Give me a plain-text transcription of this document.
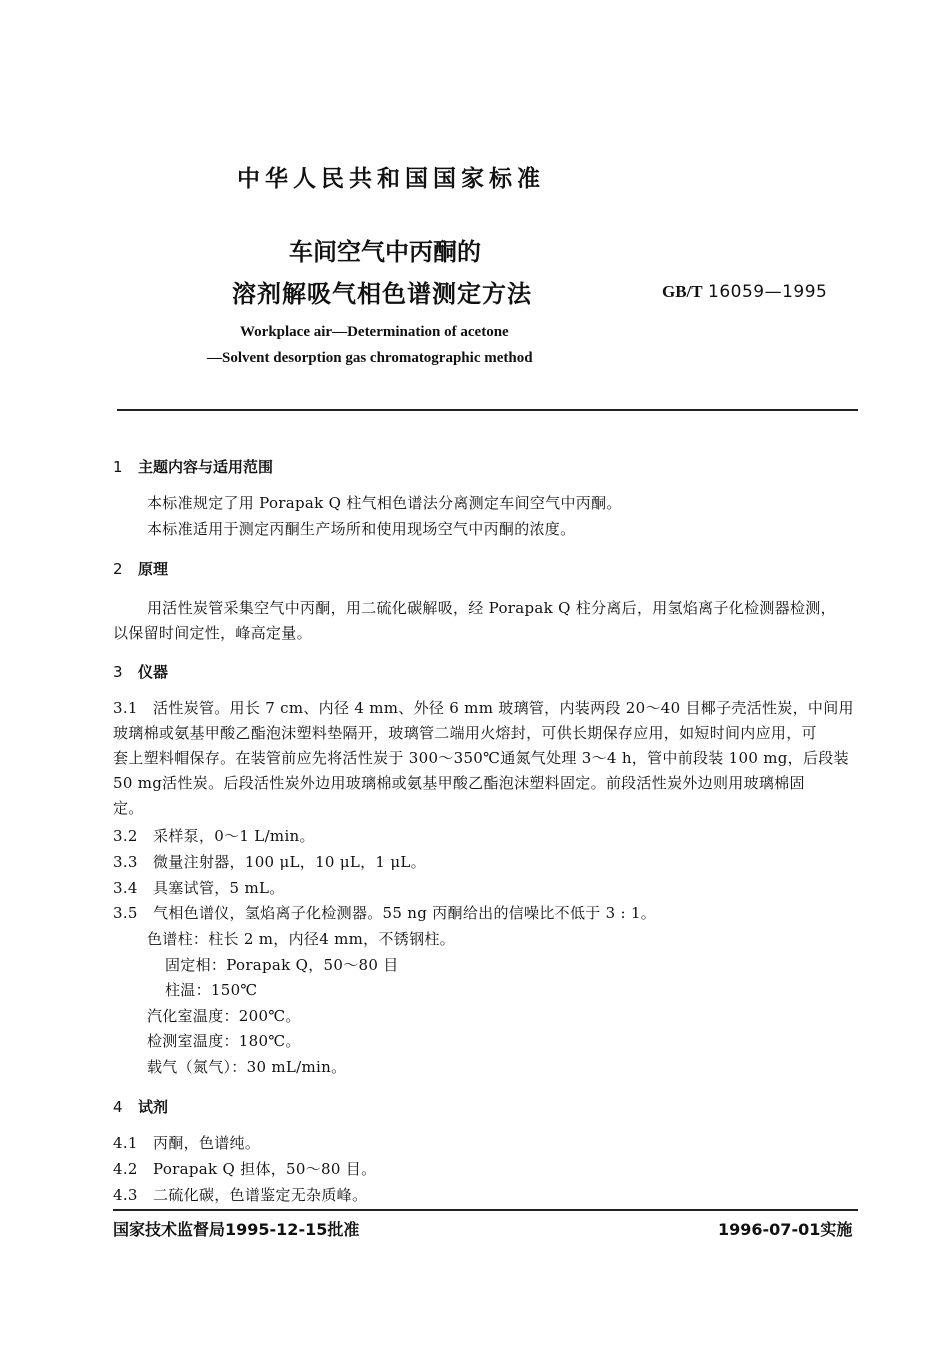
中华人民共和国国家标准
车间空气中丙酮的
溶剂解吸气相色谱测定方法	GB/T 16059—1995
Workplace air—Determination of acetone
—Solvent desorption gas chromatographic method
1 主题内容与适用范围
本标准规定了用 Porapak Q 柱气相色谱法分离测定车间空气中丙酮。
本标准适用于测定丙酮生产场所和使用现场空气中丙酮的浓度。
2 原理
用活性炭管采集空气中丙酮，用二硫化碳解吸，经 Porapak Q 柱分离后，用氢焰离子化检测器检测，
以保留时间定性，峰高定量。
3 仪器
3.1　活性炭管。用长 7 cm、内径 4 mm、外径 6 mm 玻璃管，内装两段 20～40 目椰子壳活性炭，中间用
玻璃棉或氨基甲酸乙酯泡沫塑料垫隔开，玻璃管二端用火熔封，可供长期保存应用，如短时间内应用，可
套上塑料帽保存。在装管前应先将活性炭于 300～350℃通氮气处理 3～4 h，管中前段装 100 mg，后段装
50 mg活性炭。后段活性炭外边用玻璃棉或氨基甲酸乙酯泡沫塑料固定。前段活性炭外边则用玻璃棉固
定。
3.2　采样泵，0～1 L/min。
3.3　微量注射器，100 μL，10 μL，1 μL。
3.4　具塞试管，5 mL。
3.5　气相色谱仪，氢焰离子化检测器。55 ng 丙酮给出的信噪比不低于 3 : 1。
色谱柱：柱长 2 m，内径4 mm，不锈钢柱。
固定相：Porapak Q，50～80 目
柱温：150℃
汽化室温度：200℃。
检测室温度：180℃。
载气（氮气）：30 mL/min。
4 试剂
4.1　丙酮，色谱纯。
4.2　Porapak Q 担体，50～80 目。
4.3　二硫化碳，色谱鉴定无杂质峰。
国家技术监督局1995-12-15批准	1996-07-01实施
